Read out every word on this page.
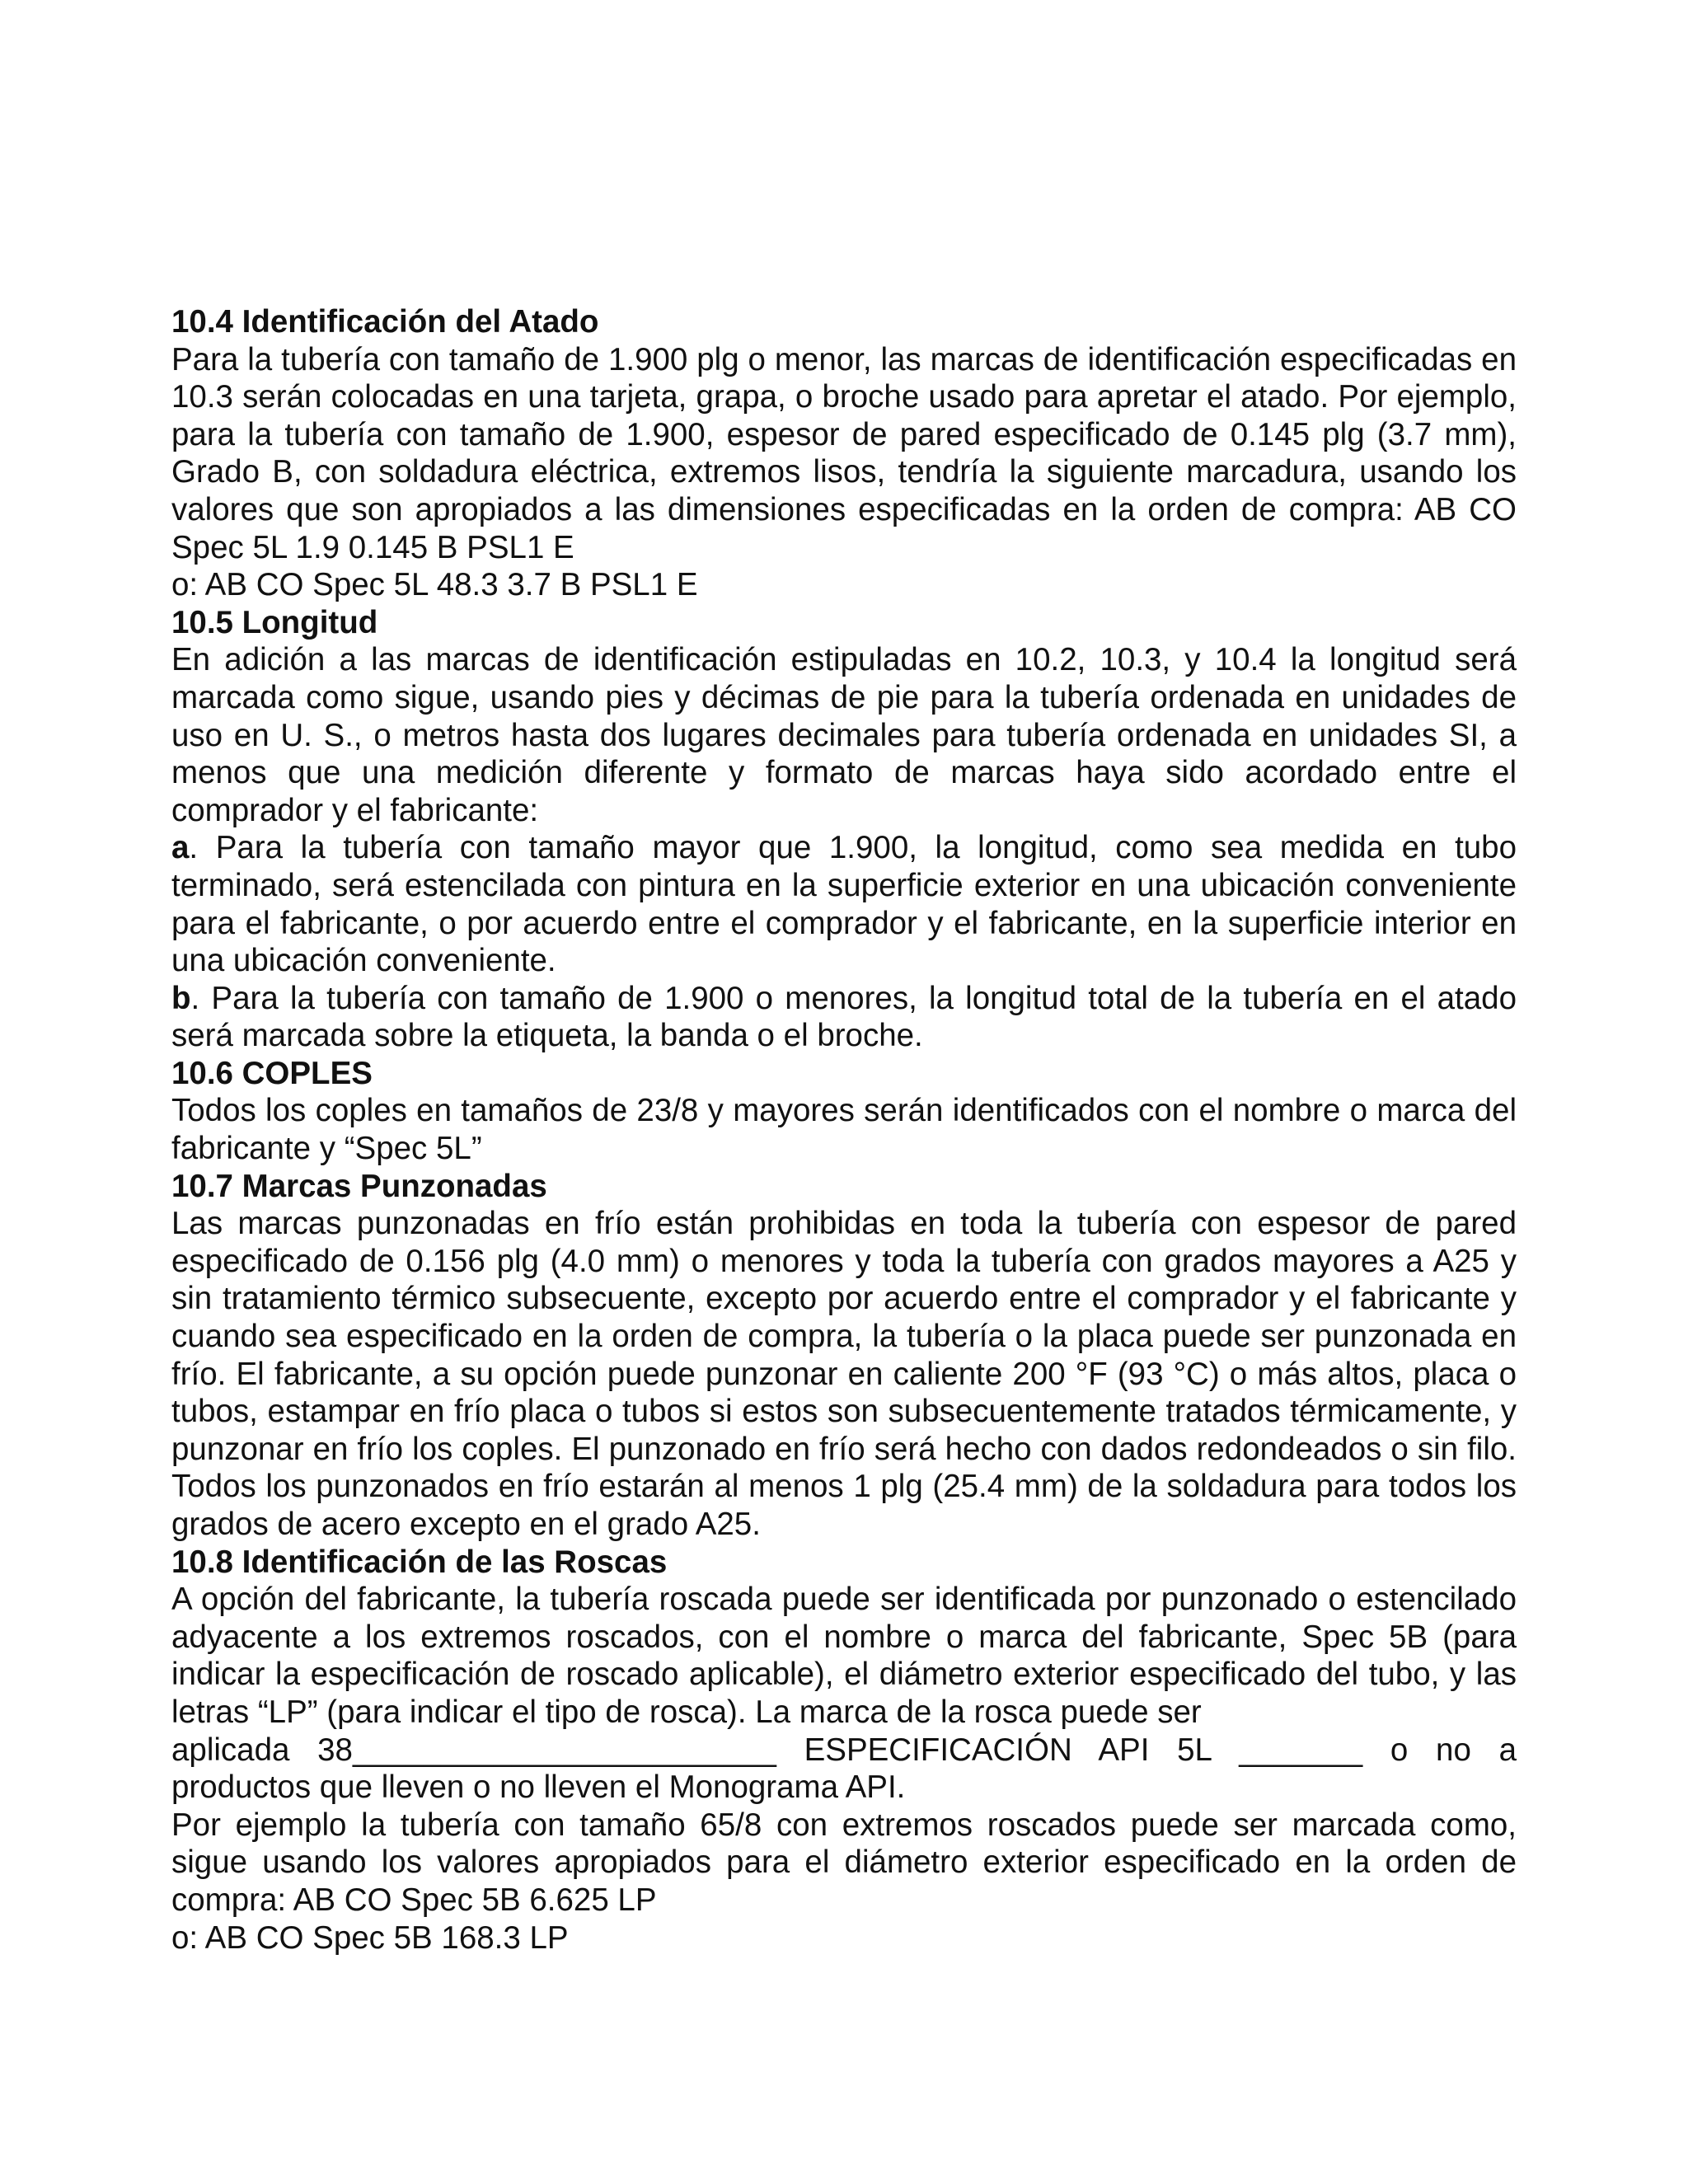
10.4 Identificación del Atado

Para la tubería con tamaño de 1.900 plg o menor, las marcas de identificación especificadas en 10.3 serán colocadas en una tarjeta, grapa, o broche usado para apretar el atado. Por ejemplo, para la tubería con tamaño de 1.900, espesor de pared especificado de 0.145 plg (3.7 mm), Grado B, con soldadura eléctrica, extremos lisos, tendría la siguiente marcadura, usando los valores que son apropiados a las dimensiones especificadas en la orden de compra: AB CO Spec 5L 1.9 0.145 B PSL1 E

o: AB CO Spec 5L 48.3 3.7 B PSL1 E

10.5 Longitud

En adición a las marcas de identificación estipuladas en 10.2, 10.3, y 10.4 la longitud será marcada como sigue, usando pies y décimas de pie para la tubería ordenada en unidades de uso en U. S., o metros hasta dos lugares decimales para tubería ordenada en unidades SI, a menos que una medición diferente y formato de marcas haya sido acordado entre el comprador y el fabricante:

a. Para la tubería con tamaño mayor que 1.900, la longitud, como sea medida en tubo terminado, será estencilada con pintura en la superficie exterior en una ubicación conveniente para el fabricante, o por acuerdo entre el comprador y el fabricante, en la superficie interior en una ubicación conveniente.

b. Para la tubería con tamaño de 1.900 o menores, la longitud total de la tubería en el atado será marcada sobre la etiqueta, la banda o el broche.

10.6 COPLES

Todos los coples en tamaños de 23/8 y mayores serán identificados con el nombre o marca del fabricante y “Spec 5L”

10.7 Marcas Punzonadas

Las marcas punzonadas en frío están prohibidas en toda la tubería con espesor de pared especificado de 0.156 plg (4.0 mm) o menores y toda la tubería con grados mayores a A25 y sin tratamiento térmico subsecuente, excepto por acuerdo entre el comprador y el fabricante y cuando sea especificado en la orden de compra, la tubería o la placa puede ser punzonada en frío. El fabricante, a su opción puede punzonar en caliente 200 °F (93 °C) o más altos, placa o tubos, estampar en frío placa o tubos si estos son subsecuentemente tratados térmicamente, y punzonar en frío los coples. El punzonado en frío será hecho con dados redondeados o sin filo. Todos los punzonados en frío estarán al menos 1 plg (25.4 mm) de la soldadura para todos los grados de acero excepto en el grado A25.

10.8 Identificación de las Roscas

A opción del fabricante, la tubería roscada puede ser identificada por punzonado o estencilado adyacente a los extremos roscados, con el nombre o marca del fabricante, Spec 5B (para indicar la especificación de roscado aplicable), el diámetro exterior especificado del tubo, y las letras “LP” (para indicar el tipo de rosca). La marca de la rosca puede ser

aplicada 38________________________ ESPECIFICACIÓN API 5L _______ o no a

productos que lleven o no lleven el Monograma API.

Por ejemplo la tubería con tamaño 65/8 con extremos roscados puede ser marcada como, sigue usando los valores apropiados para el diámetro exterior especificado en la orden de compra: AB CO Spec 5B 6.625 LP

o: AB CO Spec 5B 168.3 LP
